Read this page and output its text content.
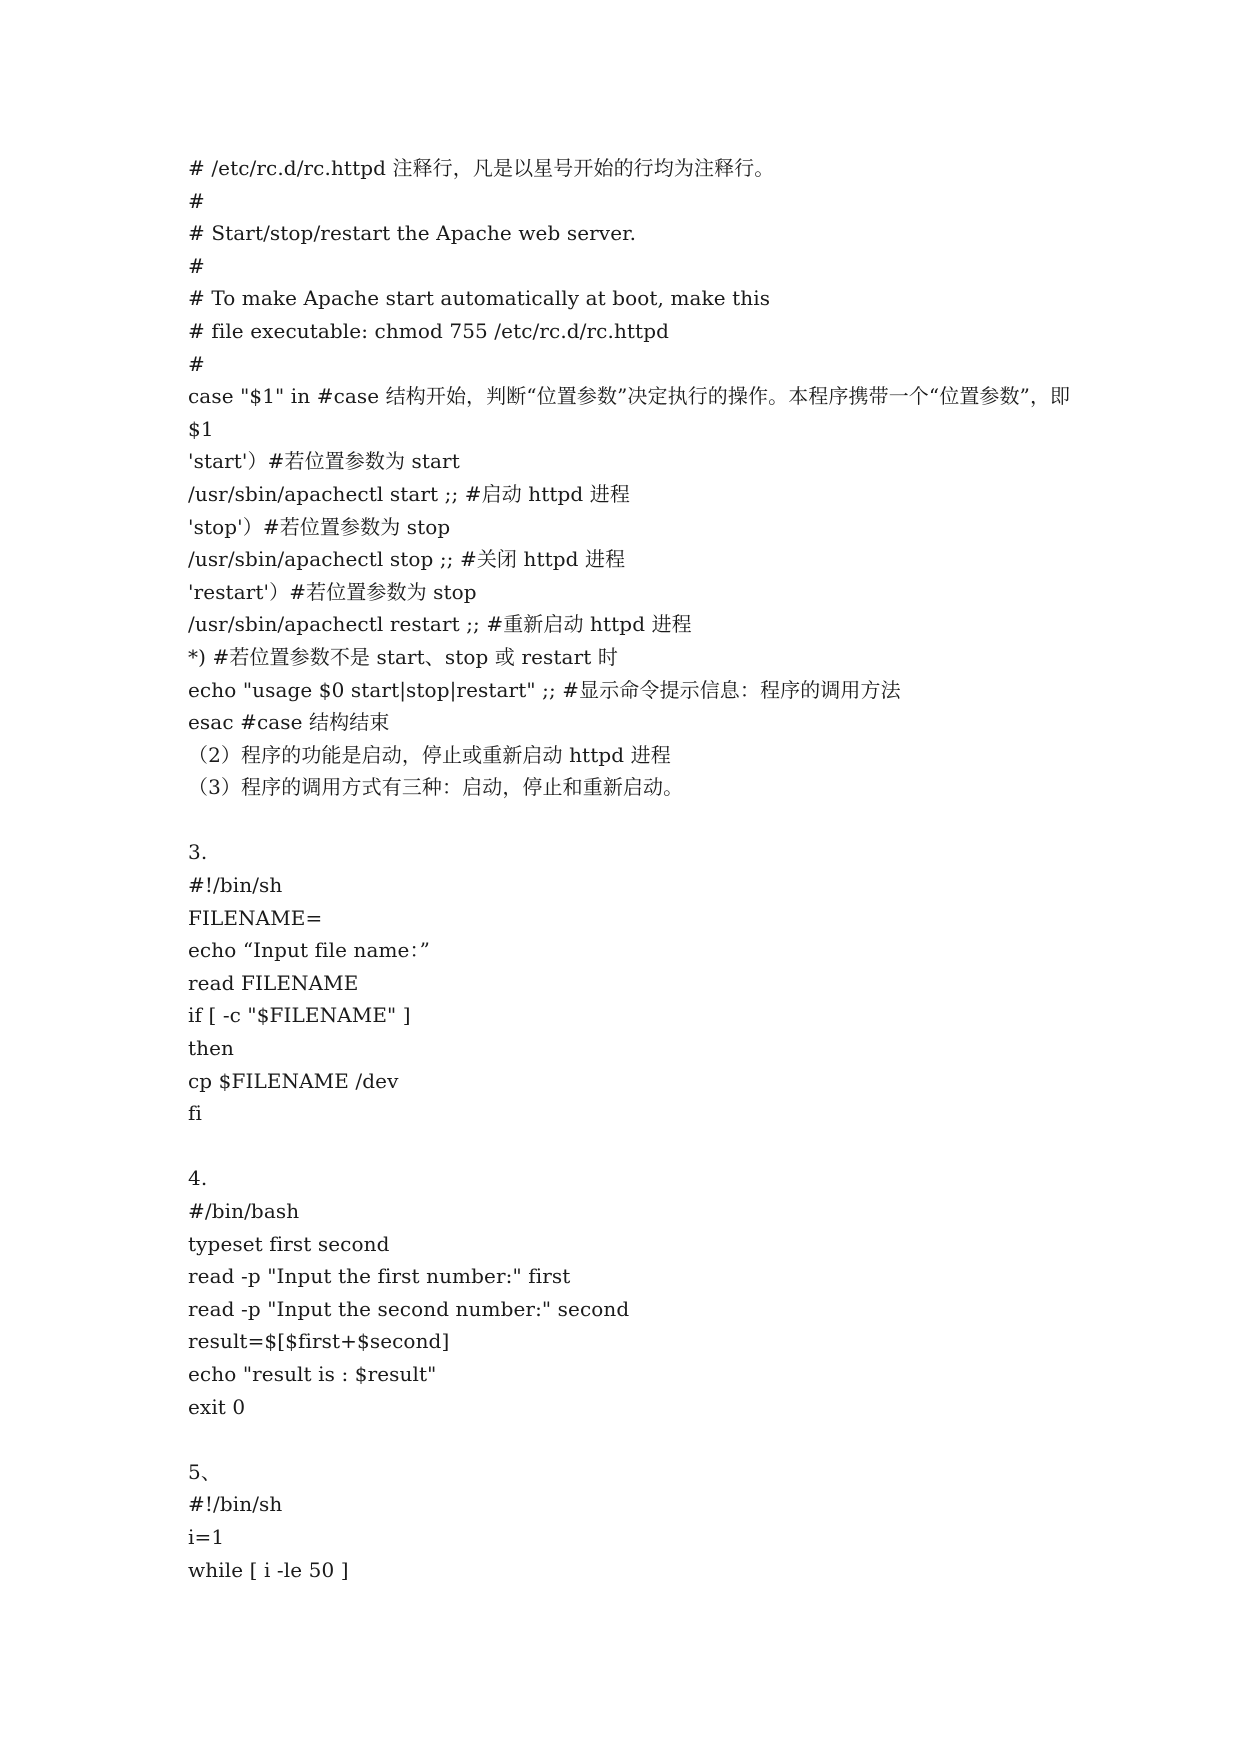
# /etc/rc.d/rc.httpd 注释行，凡是以星号开始的行均为注释行。
#
# Start/stop/restart the Apache web server.
#
# To make Apache start automatically at boot, make this
# file executable: chmod 755 /etc/rc.d/rc.httpd
#
case "$1" in #case 结构开始，判断“位置参数”决定执行的操作。本程序携带一个“位置参数”，即$1
'start'）#若位置参数为 start
/usr/sbin/apachectl start ;; #启动 httpd 进程
'stop'）#若位置参数为 stop
/usr/sbin/apachectl stop ;; #关闭 httpd 进程
'restart'）#若位置参数为 stop
/usr/sbin/apachectl restart ;; #重新启动 httpd 进程
*) #若位置参数不是 start、stop 或 restart 时
echo "usage $0 start|stop|restart" ;; #显示命令提示信息：程序的调用方法
esac #case 结构结束
（2）程序的功能是启动，停止或重新启动 httpd 进程
（3）程序的调用方式有三种：启动，停止和重新启动。
3.
#!/bin/sh
FILENAME=
echo “Input file name：”
read FILENAME
if [ -c "$FILENAME" ]
then
cp $FILENAME /dev
fi
4.
#/bin/bash
typeset first second
read -p "Input the first number:" first
read -p "Input the second number:" second
result=$[$first+$second]
echo "result is : $result"
exit 0
5、
#!/bin/sh
i=1
while [ i -le 50 ]
